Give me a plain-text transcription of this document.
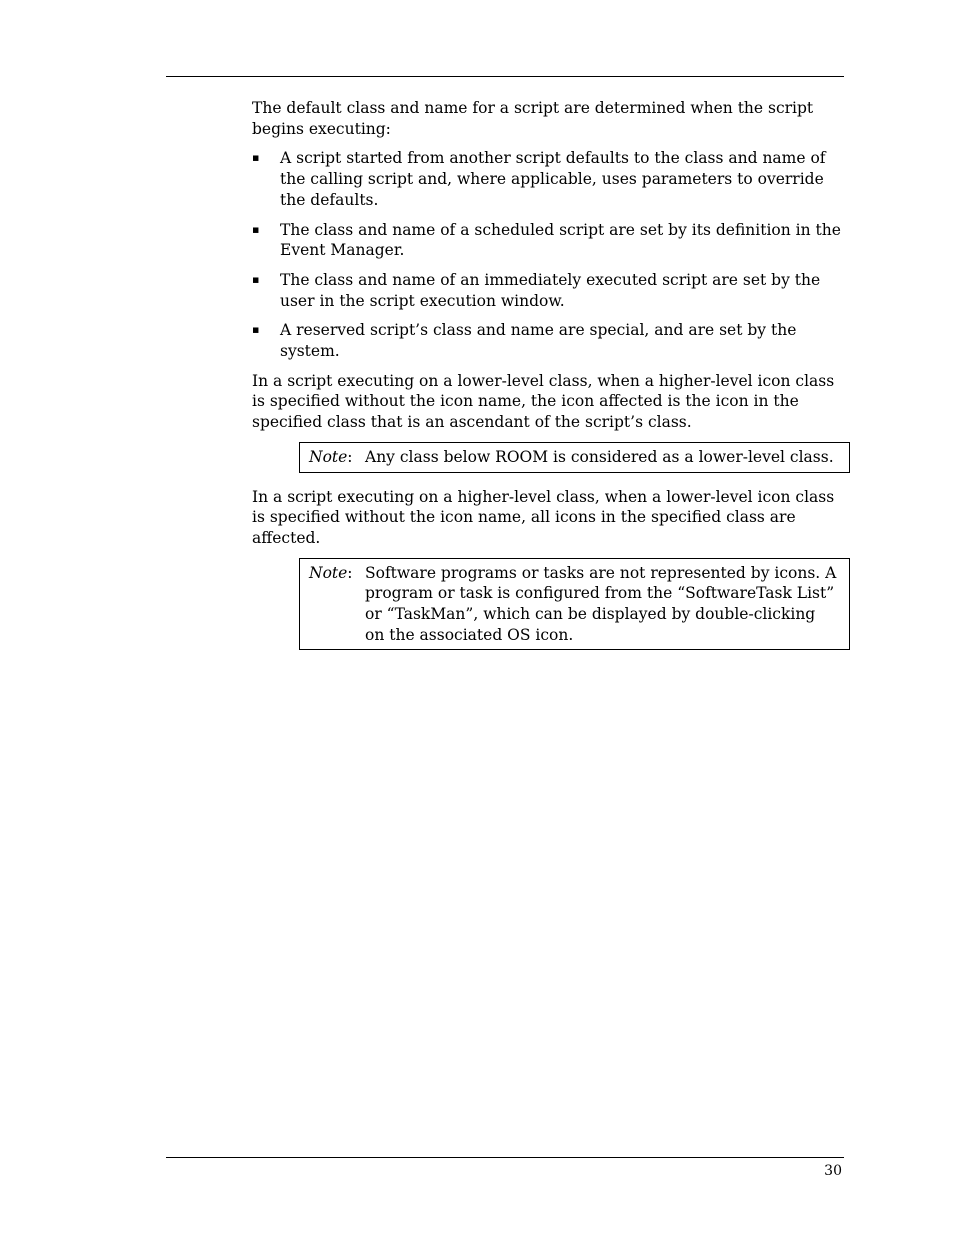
The default class and name for a script are determined when the script begins executing:

▪ A script started from another script defaults to the class and name of the calling script and, where applicable, uses parameters to override the defaults.
▪ The class and name of a scheduled script are set by its definition in the Event Manager.
▪ The class and name of an immediately executed script are set by the user in the script execution window.
▪ A reserved script’s class and name are special, and are set by the system.

In a script executing on a lower-level class, when a higher-level icon class is specified without the icon name, the icon affected is the icon in the specified class that is an ascendant of the script’s class.

Note: Any class below ROOM is considered as a lower-level class.

In a script executing on a higher-level class, when a lower-level icon class is specified without the icon name, all icons in the specified class are affected.

Note: Software programs or tasks are not represented by icons. A program or task is configured from the “SoftwareTask List” or “TaskMan”, which can be displayed by double-clicking on the associated OS icon.
30
